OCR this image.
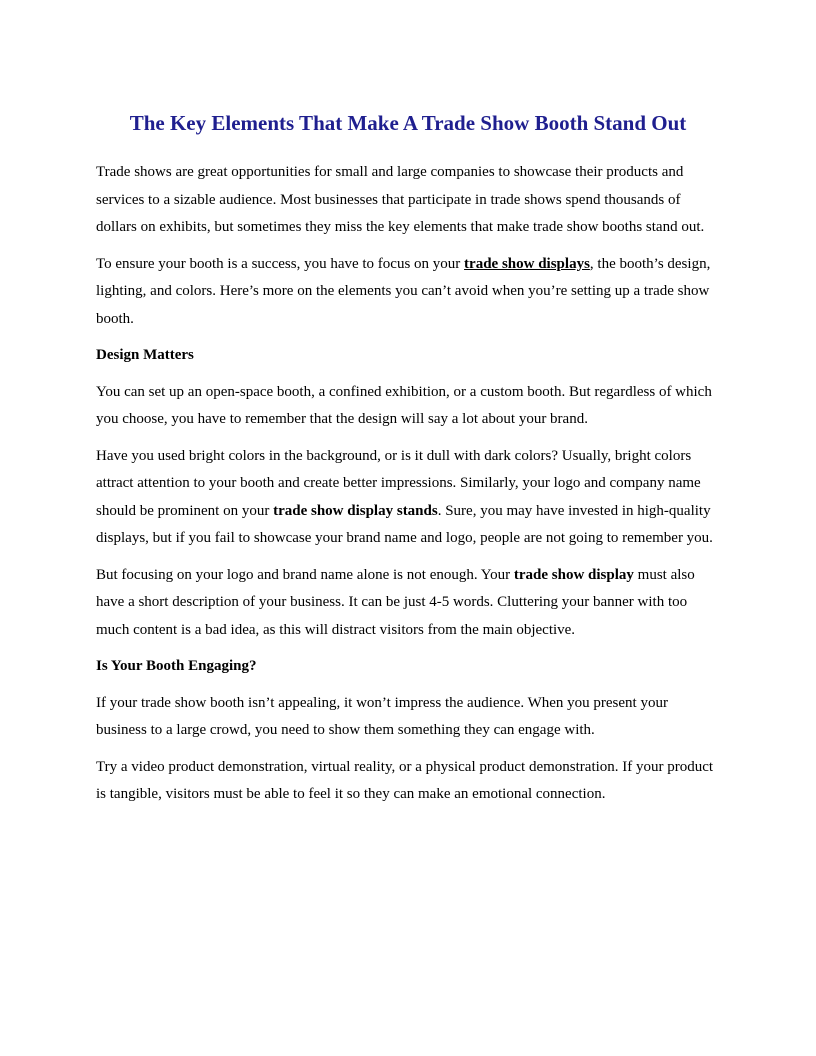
The Key Elements That Make A Trade Show Booth Stand Out

Trade shows are great opportunities for small and large companies to showcase their products and services to a sizable audience. Most businesses that participate in trade shows spend thousands of dollars on exhibits, but sometimes they miss the key elements that make trade show booths stand out.

To ensure your booth is a success, you have to focus on your trade show displays, the booth’s design, lighting, and colors. Here’s more on the elements you can’t avoid when you’re setting up a trade show booth.

Design Matters

You can set up an open-space booth, a confined exhibition, or a custom booth. But regardless of which you choose, you have to remember that the design will say a lot about your brand.

Have you used bright colors in the background, or is it dull with dark colors? Usually, bright colors attract attention to your booth and create better impressions. Similarly, your logo and company name should be prominent on your trade show display stands. Sure, you may have invested in high-quality displays, but if you fail to showcase your brand name and logo, people are not going to remember you.

But focusing on your logo and brand name alone is not enough. Your trade show display must also have a short description of your business. It can be just 4-5 words. Cluttering your banner with too much content is a bad idea, as this will distract visitors from the main objective.

Is Your Booth Engaging?

If your trade show booth isn’t appealing, it won’t impress the audience. When you present your business to a large crowd, you need to show them something they can engage with.

Try a video product demonstration, virtual reality, or a physical product demonstration. If your product is tangible, visitors must be able to feel it so they can make an emotional connection.
